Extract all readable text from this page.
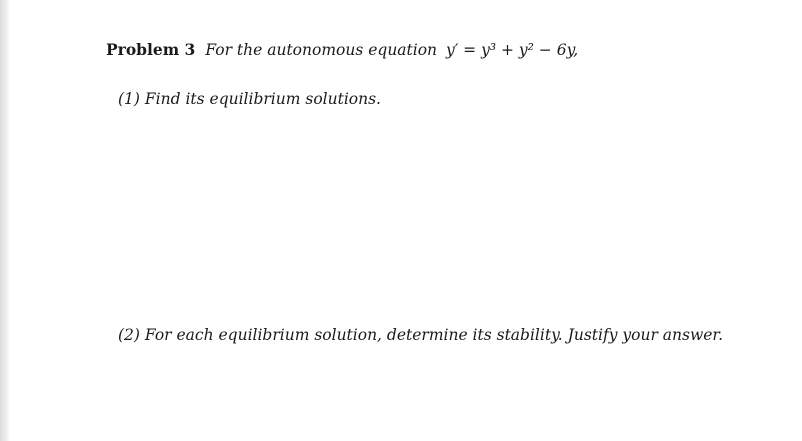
Problem 3 For the autonomous equation y′ = y³ + y² − 6y,
(1) Find its equilibrium solutions.
(2) For each equilibrium solution, determine its stability. Justify your answer.
